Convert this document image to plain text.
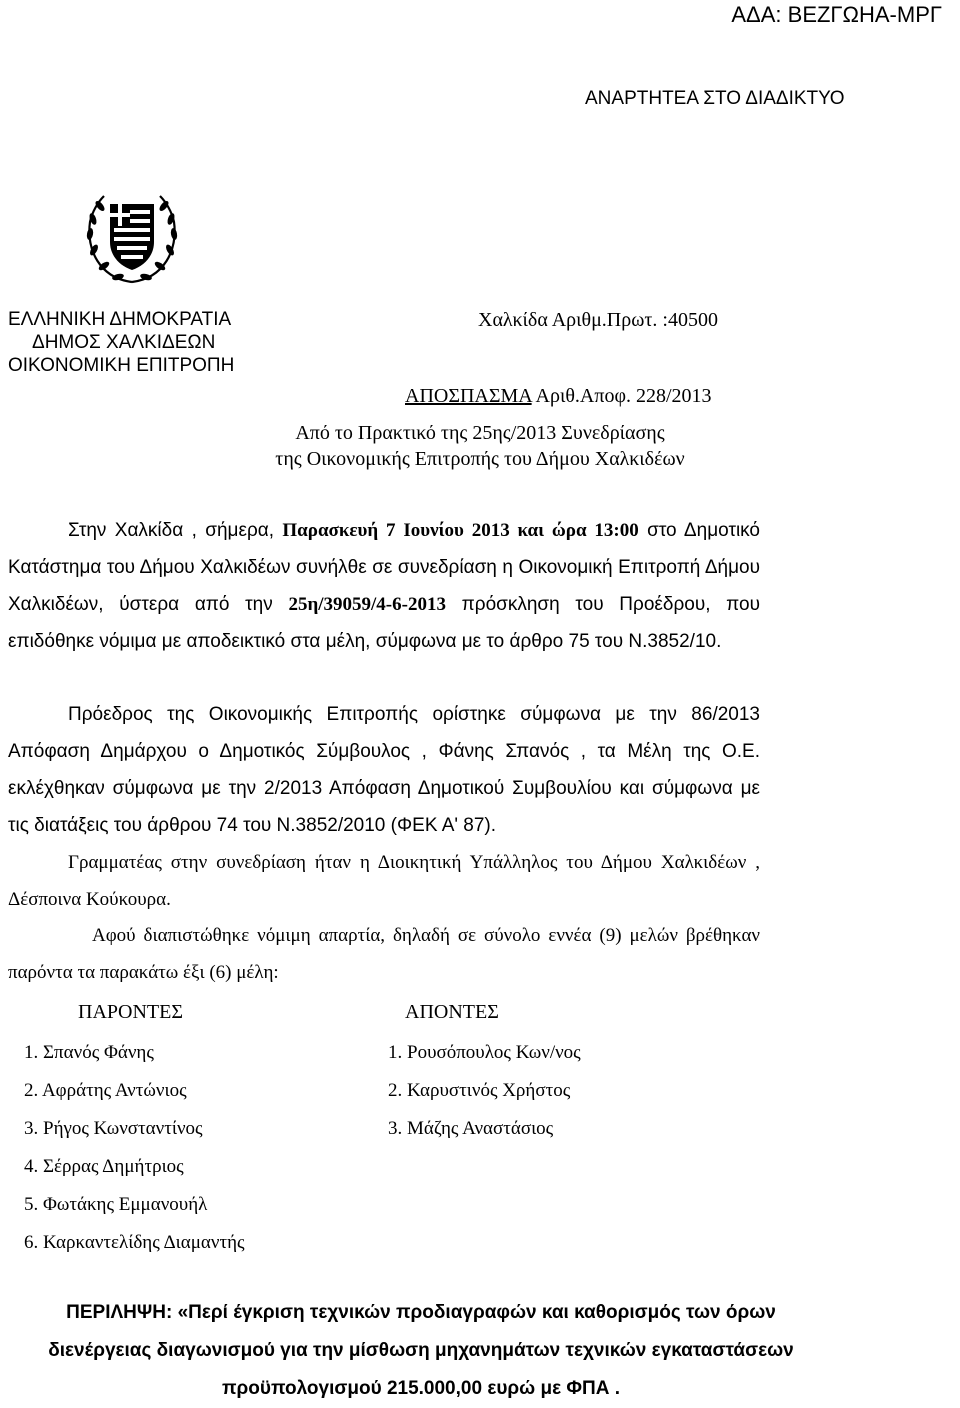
ΑΔΑ: ΒΕΖΓΩΗΑ-ΜΡΓ
ΑΝΑΡΤΗΤΕΑ ΣΤΟ ΔΙΑΔΙΚΤΥΟ
ΕΛΛΗΝΙΚΗ ΔΗΜΟΚΡΑΤΙΑ
ΔΗΜΟΣ ΧΑΛΚΙΔΕΩΝ
ΟΙΚΟΝΟΜΙΚΗ ΕΠΙΤΡΟΠΗ
Χαλκίδα Αριθμ.Πρωτ. :40500
ΑΠΟΣΠΑΣΜΑ Αριθ.Αποφ. 228/2013
Από το Πρακτικό της 25ης/2013 Συνεδρίασης
της Οικονομικής Επιτροπής του Δήμου Χαλκιδέων
Στην Χαλκίδα , σήμερα, Παρασκευή 7 Ιουνίου 2013 και ώρα 13:00 στο Δημοτικό Κατάστημα του Δήμου Χαλκιδέων συνήλθε σε συνεδρίαση η Οικονομική Επιτροπή Δήμου Χαλκιδέων, ύστερα από την 25η/39059/4-6-2013 πρόσκληση του Προέδρου, που επιδόθηκε νόμιμα με αποδεικτικό στα μέλη, σύμφωνα με το άρθρο 75 του Ν.3852/10.
Πρόεδρος της Οικονομικής Επιτροπής ορίστηκε σύμφωνα με την 86/2013 Απόφαση Δημάρχου ο Δημοτικός Σύμβουλος , Φάνης Σπανός , τα Μέλη της Ο.Ε. εκλέχθηκαν σύμφωνα με την 2/2013 Απόφαση Δημοτικού Συμβουλίου και σύμφωνα με τις διατάξεις του άρθρου 74 του Ν.3852/2010 (ΦΕΚ Α' 87).
Γραμματέας στην συνεδρίαση ήταν η Διοικητική Υπάλληλος του Δήμου Χαλκιδέων , Δέσποινα Κούκουρα.
Αφού διαπιστώθηκε νόμιμη απαρτία, δηλαδή σε σύνολο εννέα (9) μελών βρέθηκαν παρόντα τα παρακάτω έξι (6) μέλη:
ΠΑΡΟΝΤΕΣ	ΑΠΟΝΤΕΣ
1. Σπανός Φάνης
2. Αφράτης Αντώνιος
3. Ρήγος Κωνσταντίνος
4. Σέρρας Δημήτριος
5. Φωτάκης Εμμανουήλ
6. Καρκαντελίδης Διαμαντής
1. Ρουσόπουλος Κων/νος
2. Καρυστινός Χρήστος
3. Μάζης Αναστάσιος
ΠΕΡΙΛΗΨΗ: «Περί έγκριση τεχνικών προδιαγραφών και καθορισμός των όρων
διενέργειας διαγωνισμού για την μίσθωση μηχανημάτων τεχνικών εγκαταστάσεων
προϋπολογισμού 215.000,00 ευρώ με ΦΠΑ .
